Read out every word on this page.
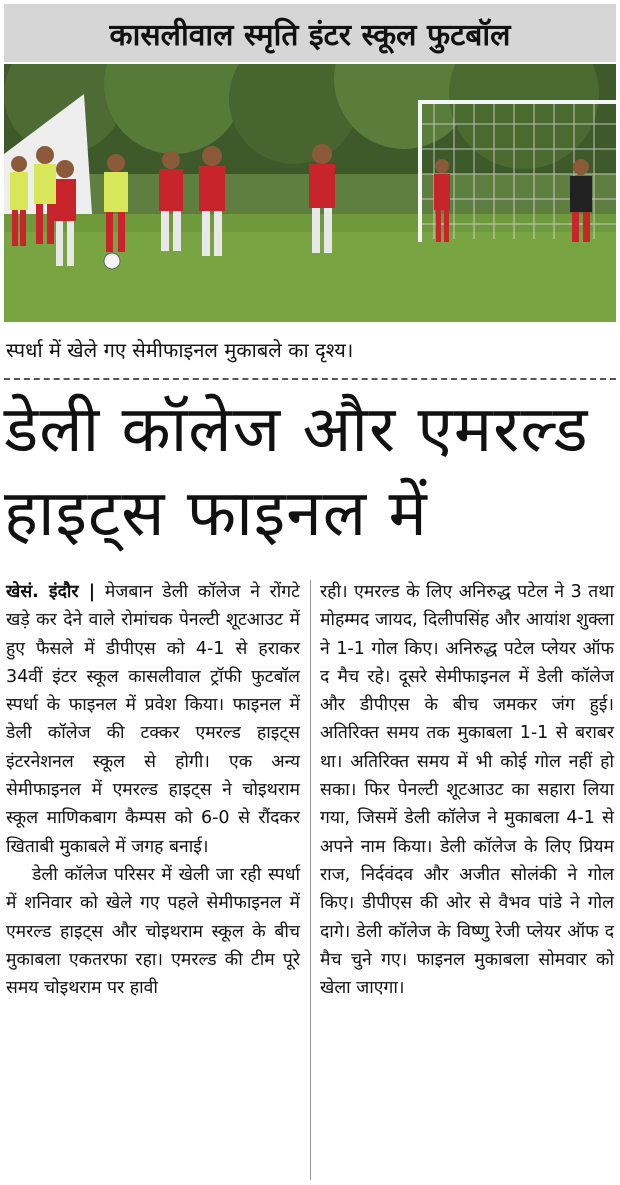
कासलीवाल स्मृति इंटर स्कूल फुटबॉल
स्पर्धा में खेले गए सेमीफाइनल मुकाबले का दृश्य।
डेली कॉलेज और एमरल्ड
हाइट्स फाइनल में
खेसं. इंदौर | मेजबान डेली कॉलेज ने रोंगटे खड़े कर देने वाले रोमांचक पेनल्टी शूटआउट में हुए फैसले में डीपीएस को 4-1 से हराकर 34वीं इंटर स्कूल कासलीवाल ट्रॉफी फुटबॉल स्पर्धा के फाइनल में प्रवेश किया। फाइनल में डेली कॉलेज की टक्कर एमरल्ड हाइट्स इंटरनेशनल स्कूल से होगी। एक अन्य सेमीफाइनल में एमरल्ड हाइट्स ने चोइथराम स्कूल माणिकबाग कैम्पस को 6-0 से रौंदकर खिताबी मुकाबले में जगह बनाई।
डेली कॉलेज परिसर में खेली जा रही स्पर्धा में शनिवार को खेले गए पहले सेमीफाइनल में एमरल्ड हाइट्स और चोइथराम स्कूल के बीच मुकाबला एकतरफा रहा। एमरल्ड की टीम पूरे समय चोइथराम पर हावी
रही। एमरल्ड के लिए अनिरुद्ध पटेल ने 3 तथा मोहम्मद जायद, दिलीपसिंह और आयांश शुक्ला ने 1-1 गोल किए। अनिरुद्ध पटेल प्लेयर ऑफ द मैच रहे। दूसरे सेमीफाइनल में डेली कॉलेज और डीपीएस के बीच जमकर जंग हुई। अतिरिक्त समय तक मुकाबला 1-1 से बराबर था। अतिरिक्त समय में भी कोई गोल नहीं हो सका। फिर पेनल्टी शूटआउट का सहारा लिया गया, जिसमें डेली कॉलेज ने मुकाबला 4-1 से अपने नाम किया। डेली कॉलेज के लिए प्रियम राज, निर्दवंदव और अजीत सोलंकी ने गोल किए। डीपीएस की ओर से वैभव पांडे ने गोल दागे। डेली कॉलेज के विष्णु रेजी प्लेयर ऑफ द मैच चुने गए। फाइनल मुकाबला सोमवार को खेला जाएगा।
